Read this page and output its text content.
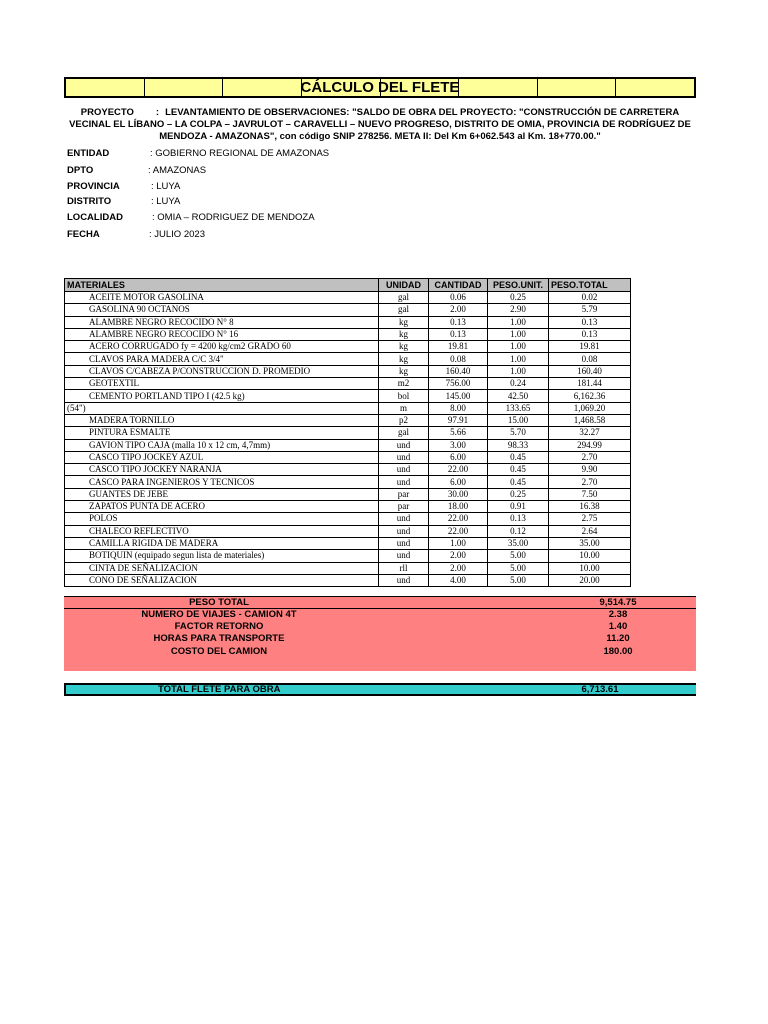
CÁLCULO DEL FLETE
PROYECTO : LEVANTAMIENTO DE OBSERVACIONES: "SALDO DE OBRA DEL PROYECTO: "CONSTRUCCIÓN DE CARRETERA VECINAL EL LÍBANO – LA COLPA – JAVRULOT – CARAVELLI – NUEVO PROGRESO, DISTRITO DE OMIA, PROVINCIA DE RODRÍGUEZ DE MENDOZA - AMAZONAS", con código SNIP 278256. META II: Del Km 6+062.543 al Km. 18+770.00."
ENTIDAD	: GOBIERNO REGIONAL DE AMAZONAS
DPTO	: AMAZONAS
PROVINCIA	: LUYA
DISTRITO	: LUYA
LOCALIDAD	: OMIA – RODRIGUEZ DE MENDOZA
FECHA	: JULIO 2023
MATERIALES	UNIDAD	CANTIDAD	PESO.UNIT.	PESO.TOTAL
ACEITE MOTOR GASOLINA	gal	0.06	0.25	0.02
GASOLINA 90 OCTANOS	gal	2.00	2.90	5.79
ALAMBRE NEGRO RECOCIDO N° 8	kg	0.13	1.00	0.13
ALAMBRE NEGRO RECOCIDO N° 16	kg	0.13	1.00	0.13
ACERO CORRUGADO fy = 4200 kg/cm2 GRADO 60	kg	19.81	1.00	19.81
CLAVOS PARA MADERA C/C 3/4"	kg	0.08	1.00	0.08
CLAVOS C/CABEZA P/CONSTRUCCION D. PROMEDIO	kg	160.40	1.00	160.40
GEOTEXTIL	m2	756.00	0.24	181.44
CEMENTO PORTLAND TIPO I (42.5 kg)	bol	145.00	42.50	6,162.36
(54")	m	8.00	133.65	1,069.20
MADERA TORNILLO	p2	97.91	15.00	1,468.58
PINTURA ESMALTE	gal	5.66	5.70	32.27
GAVION TIPO CAJA (malla 10 x 12 cm, 4,7mm)	und	3.00	98.33	294.99
CASCO TIPO JOCKEY AZUL	und	6.00	0.45	2.70
CASCO TIPO JOCKEY NARANJA	und	22.00	0.45	9.90
CASCO PARA INGENIEROS Y TECNICOS	und	6.00	0.45	2.70
GUANTES DE JEBE	par	30.00	0.25	7.50
ZAPATOS PUNTA DE ACERO	par	18.00	0.91	16.38
POLOS	und	22.00	0.13	2.75
CHALECO REFLECTIVO	und	22.00	0.12	2.64
CAMILLA RIGIDA DE MADERA	und	1.00	35.00	35.00
BOTIQUIN (equipado segun lista de materiales)	und	2.00	5.00	10.00
CINTA DE SEÑALIZACION	rll	2.00	5.00	10.00
CONO DE SEÑALIZACION	und	4.00	5.00	20.00
PESO TOTAL	9,514.75
NUMERO DE VIAJES - CAMION 4T	2.38
FACTOR RETORNO	1.40
HORAS PARA TRANSPORTE	11.20
COSTO DEL CAMION	180.00
TOTAL FLETE PARA OBRA	6,713.61
